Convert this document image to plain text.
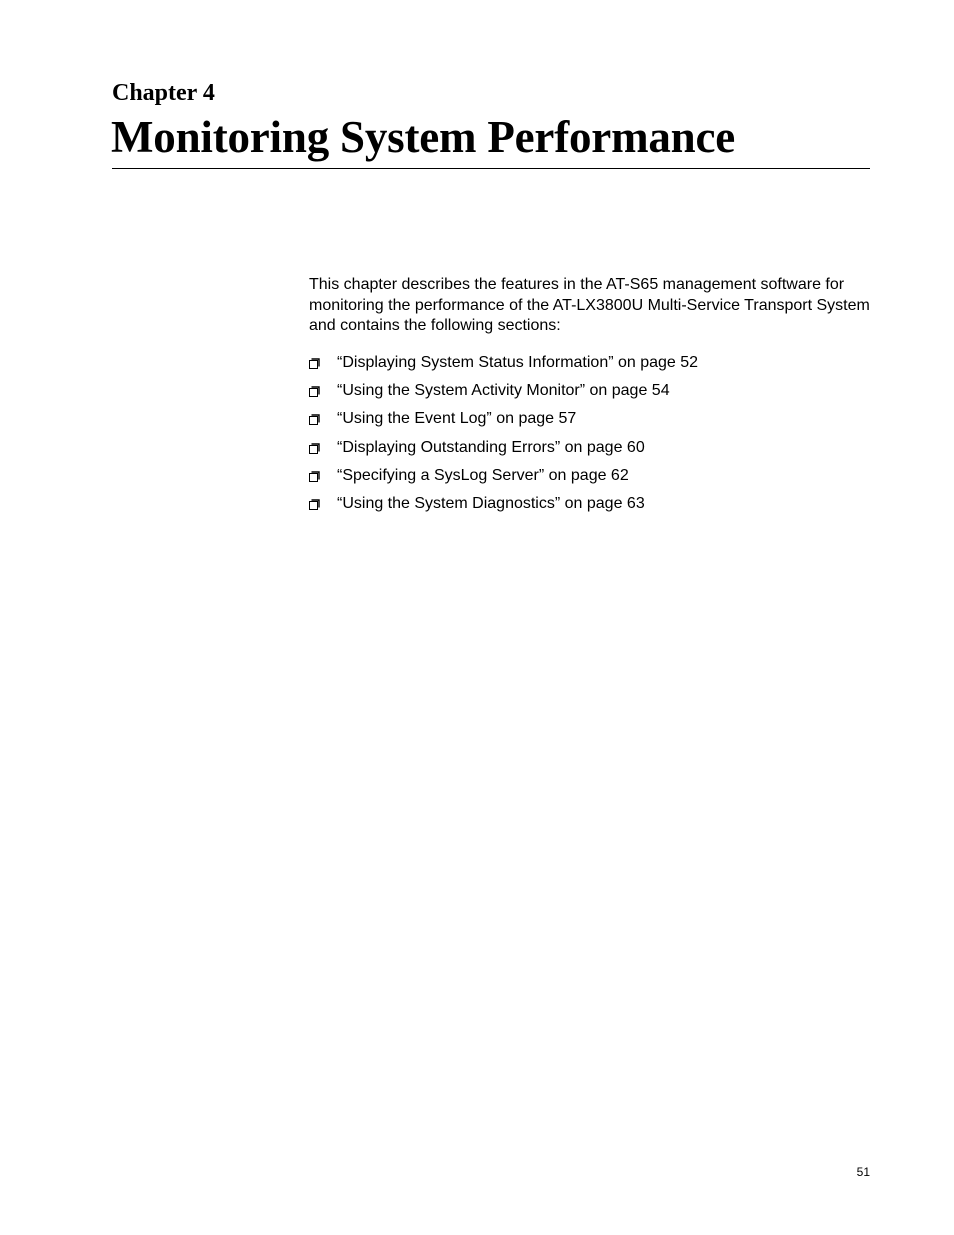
Chapter 4
Monitoring System Performance

This chapter describes the features in the AT-S65 management software for monitoring the performance of the AT-LX3800U Multi-Service Transport System and contains the following sections:

“Displaying System Status Information” on page 52
“Using the System Activity Monitor” on page 54
“Using the Event Log” on page 57
“Displaying Outstanding Errors” on page 60
“Specifying a SysLog Server” on page 62
“Using the System Diagnostics” on page 63
51
